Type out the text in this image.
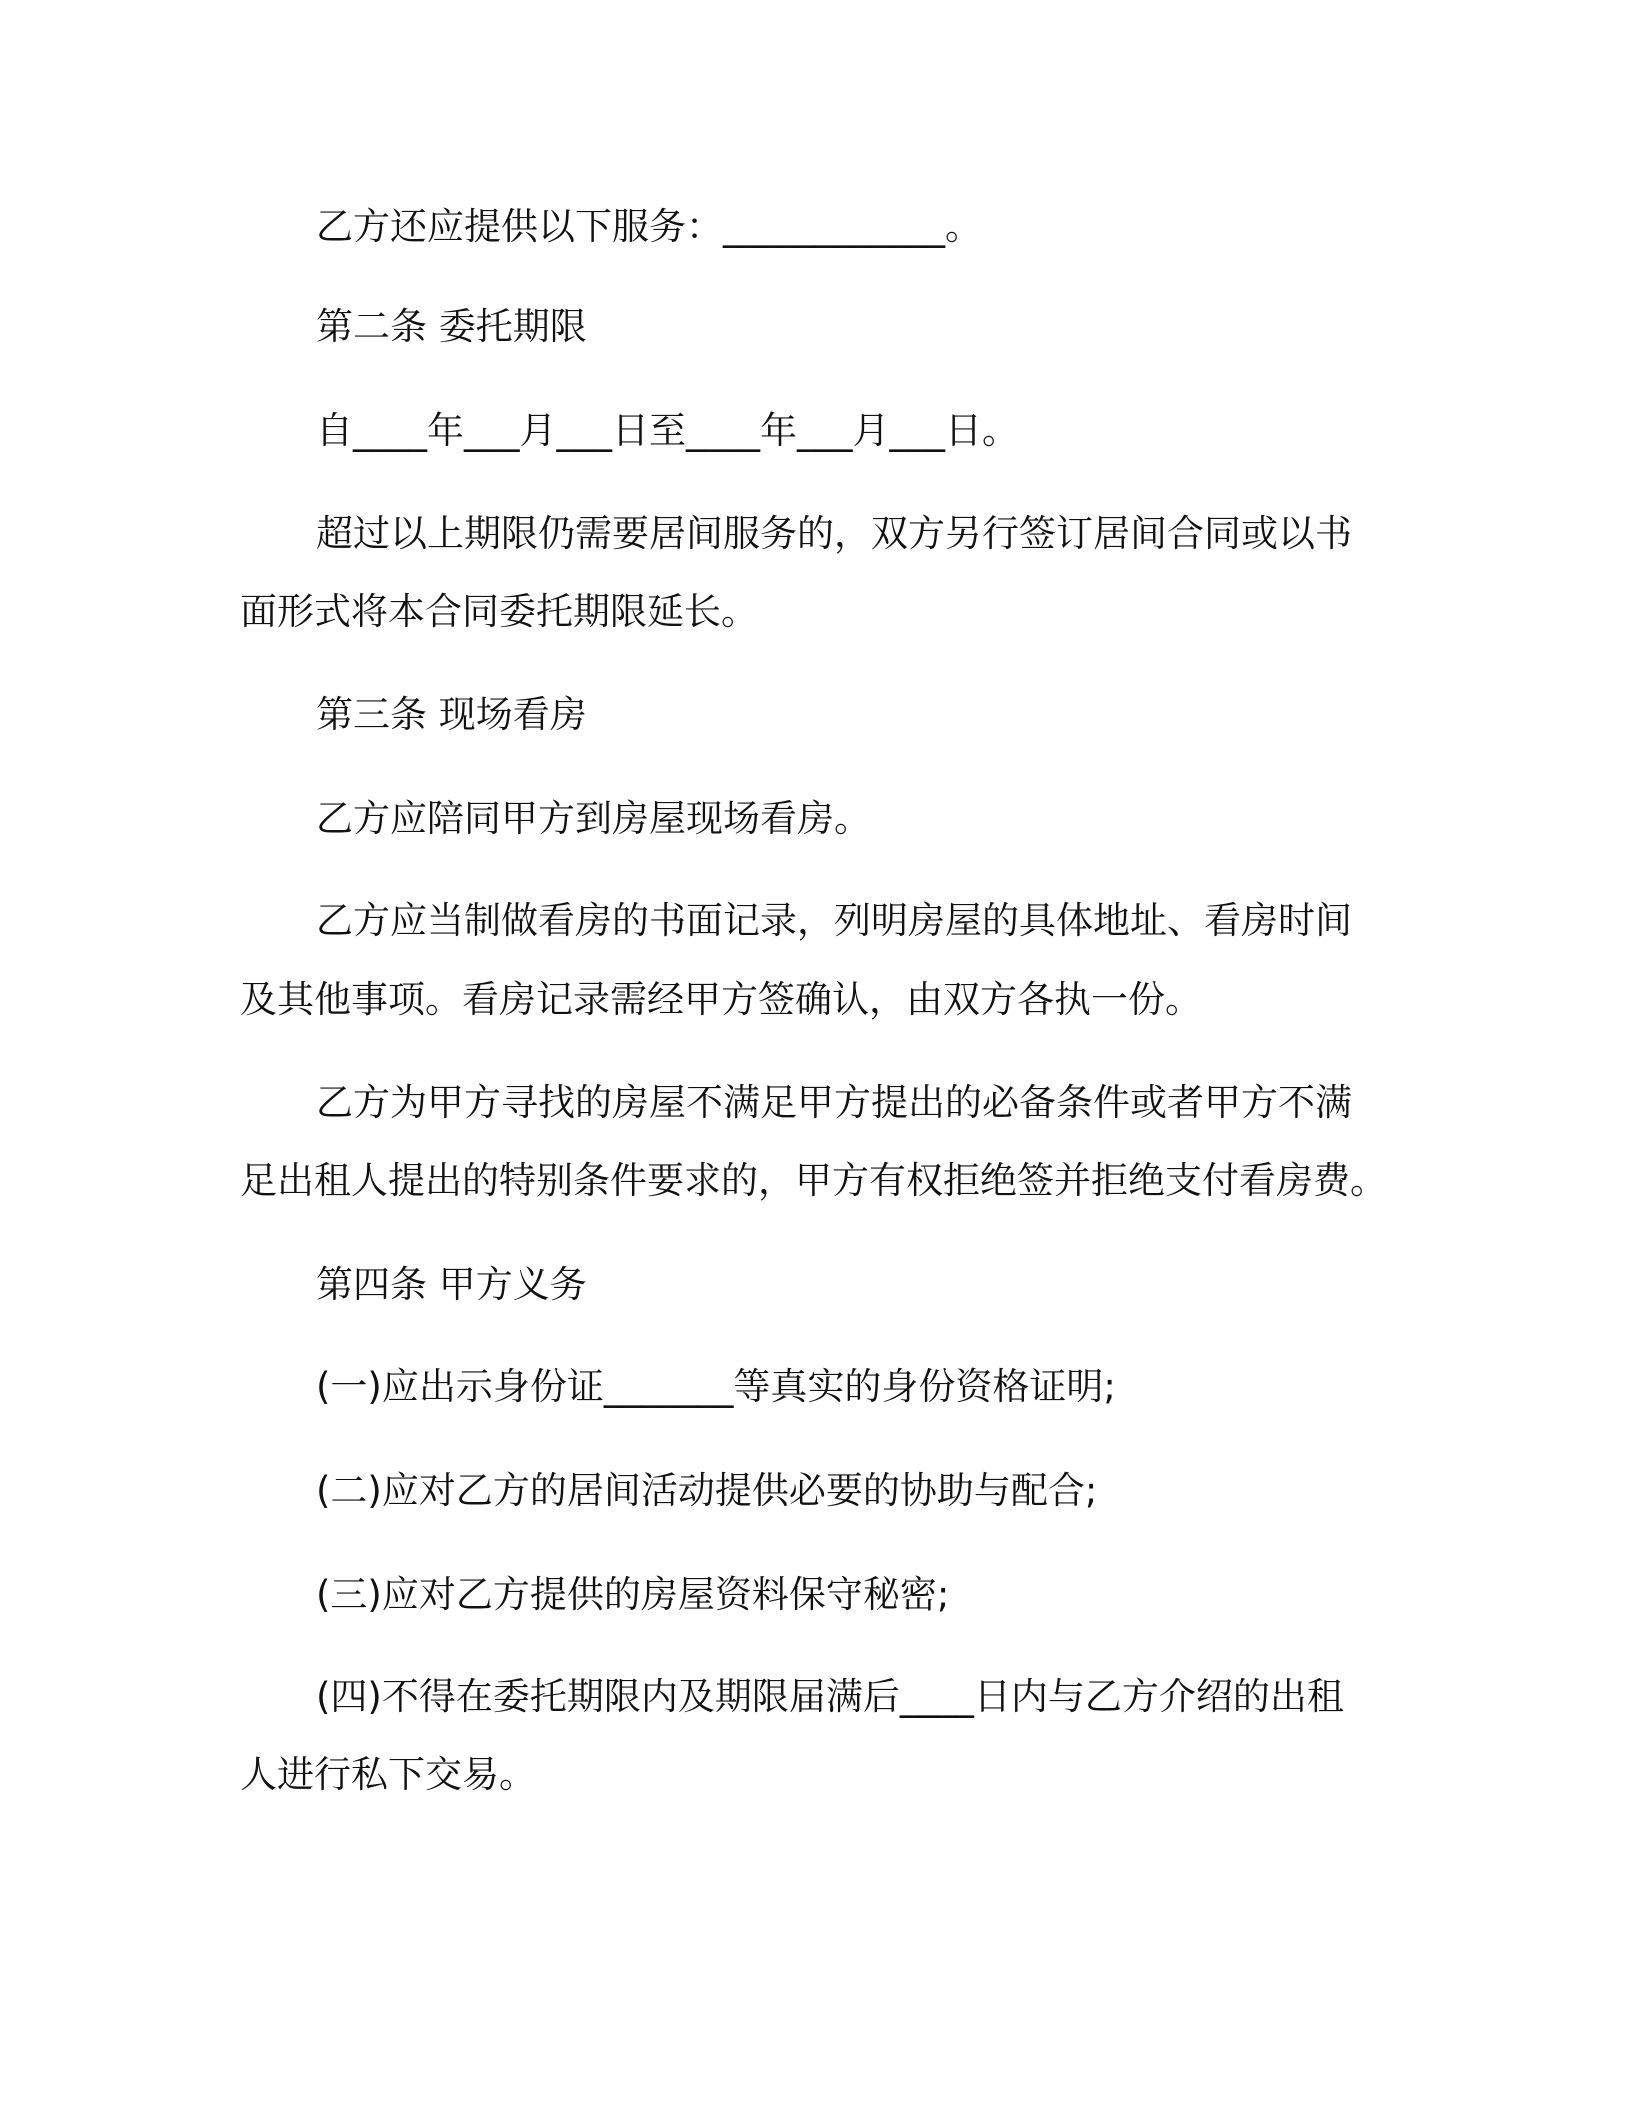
乙方还应提供以下服务：____________。
第二条 委托期限
自____年___月___日至____年___月___日。
超过以上期限仍需要居间服务的，双方另行签订居间合同或以书
面形式将本合同委托期限延长。
第三条 现场看房
乙方应陪同甲方到房屋现场看房。
乙方应当制做看房的书面记录，列明房屋的具体地址、看房时间
及其他事项。看房记录需经甲方签确认，由双方各执一份。
乙方为甲方寻找的房屋不满足甲方提出的必备条件或者甲方不满
足出租人提出的特别条件要求的，甲方有权拒绝签并拒绝支付看房费。
第四条 甲方义务
(一)应出示身份证_______等真实的身份资格证明;
(二)应对乙方的居间活动提供必要的协助与配合;
(三)应对乙方提供的房屋资料保守秘密;
(四)不得在委托期限内及期限届满后____日内与乙方介绍的出租
人进行私下交易。
